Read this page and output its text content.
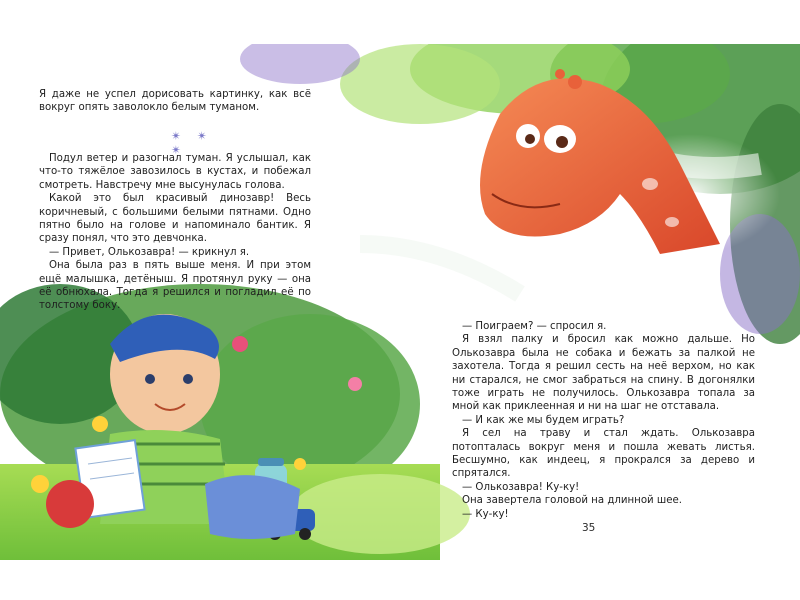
Я даже не успел дорисовать картинку, как всё вокруг опять заволокло белым туманом.

✴ ✴ ✴

Подул ветер и разогнал туман. Я услышал, как что-то тяжёлое завозилось в кустах, и побежал смотреть. Навстречу мне высунулась голова.

Какой это был красивый динозавр! Весь коричневый, с большими белыми пятнами. Одно пятно было на голове и напоминало бантик. Я сразу понял, что это девчонка.

— Привет, Олькозавра! — крикнул я.

Она была раз в пять выше меня. И при этом ещё малышка, детёныш. Я протянул руку — она её обнюхала. Тогда я решился и погладил её по толстому боку.

— Поиграем? — спросил я.

Я взял палку и бросил как можно дальше. Но Олькозавра была не собака и бежать за палкой не захотела. Тогда я решил сесть на неё верхом, но как ни старался, не смог забраться на спину. В догонялки тоже играть не получилось. Олькозавра топала за мной как приклеенная и ни на шаг не отставала.

— И как же мы будем играть?

Я сел на траву и стал ждать. Олькозавра потопталась вокруг меня и пошла жевать листья. Бесшумно, как индеец, я прокрался за дерево и спрятался.

— Олькозавра! Ку-ку!

Она завертела головой на длинной шее.

— Ку-ку!

35
